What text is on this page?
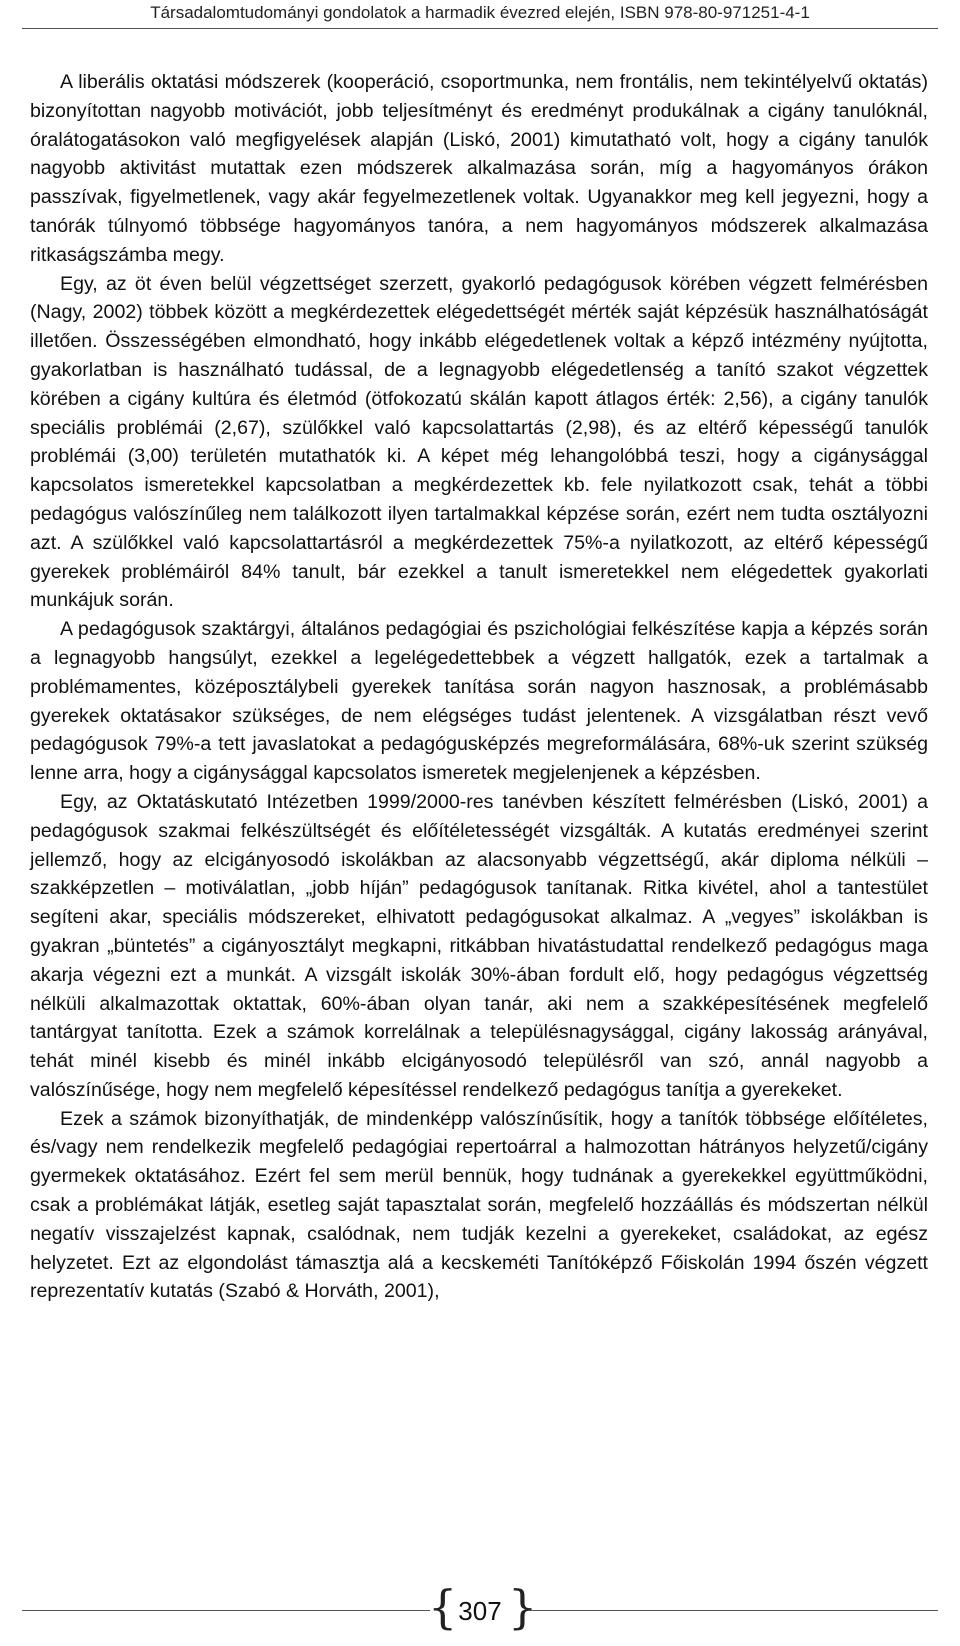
Társadalomtudományi gondolatok a harmadik évezred elején, ISBN 978-80-971251-4-1

A liberális oktatási módszerek (kooperáció, csoportmunka, nem frontális, nem tekintélyelvű oktatás) bizonyítottan nagyobb motivációt, jobb teljesítményt és eredményt produkálnak a cigány tanulóknál, óralátogatásokon való megfigyelések alapján (Liskó, 2001) kimutatható volt, hogy a cigány tanulók nagyobb aktivitást mutattak ezen módszerek alkalmazása során, míg a hagyományos órákon passzívak, figyelmetlenek, vagy akár fegyelmezetlenek voltak. Ugyanakkor meg kell jegyezni, hogy a tanórák túlnyomó többsége hagyományos tanóra, a nem hagyományos módszerek alkalmazása ritkaságszámba megy.

Egy, az öt éven belül végzettséget szerzett, gyakorló pedagógusok körében végzett felmérésben (Nagy, 2002) többek között a megkérdezettek elégedettségét mérték saját képzésük használhatóságát illetően. Összességében elmondható, hogy inkább elégedetlenek voltak a képző intézmény nyújtotta, gyakorlatban is használható tudással, de a legnagyobb elégedetlenség a tanító szakot végzettek körében a cigány kultúra és életmód (ötfokozatú skálán kapott átlagos érték: 2,56), a cigány tanulók speciális problémái (2,67), szülőkkel való kapcsolattartás (2,98), és az eltérő képességű tanulók problémái (3,00) területén mutathatók ki. A képet még lehangolóbbá teszi, hogy a cigánysággal kapcsolatos ismeretekkel kapcsolatban a megkérdezettek kb. fele nyilatkozott csak, tehát a többi pedagógus valószínűleg nem találkozott ilyen tartalmakkal képzése során, ezért nem tudta osztályozni azt. A szülőkkel való kapcsolattartásról a megkérdezettek 75%-a nyilatkozott, az eltérő képességű gyerekek problémáiról 84% tanult, bár ezekkel a tanult ismeretekkel nem elégedettek gyakorlati munkájuk során.

A pedagógusok szaktárgyi, általános pedagógiai és pszichológiai felkészítése kapja a képzés során a legnagyobb hangsúlyt, ezekkel a legelégedettebbek a végzett hallgatók, ezek a tartalmak a problémamentes, középosztálybeli gyerekek tanítása során nagyon hasznosak, a problémásabb gyerekek oktatásakor szükséges, de nem elégséges tudást jelentenek. A vizsgálatban részt vevő pedagógusok 79%-a tett javaslatokat a pedagógusképzés megreformálására, 68%-uk szerint szükség lenne arra, hogy a cigánysággal kapcsolatos ismeretek megjelenjenek a képzésben.

Egy, az Oktatáskutató Intézetben 1999/2000-res tanévben készített felmérésben (Liskó, 2001) a pedagógusok szakmai felkészültségét és előítéletességét vizsgálták. A kutatás eredményei szerint jellemző, hogy az elcigányosodó iskolákban az alacsonyabb végzettségű, akár diploma nélküli – szakképzetlen – motiválatlan, „jobb híján” pedagógusok tanítanak. Ritka kivétel, ahol a tantestület segíteni akar, speciális módszereket, elhivatott pedagógusokat alkalmaz. A „vegyes” iskolákban is gyakran „büntetés” a cigányosztályt megkapni, ritkábban hivatástudattal rendelkező pedagógus maga akarja végezni ezt a munkát. A vizsgált iskolák 30%-ában fordult elő, hogy pedagógus végzettség nélküli alkalmazottak oktattak, 60%-ában olyan tanár, aki nem a szakképesítésének megfelelő tantárgyat tanította. Ezek a számok korrelálnak a településnagysággal, cigány lakosság arányával, tehát minél kisebb és minél inkább elcigányosodó településről van szó, annál nagyobb a valószínűsége, hogy nem megfelelő képesítéssel rendelkező pedagógus tanítja a gyerekeket.

Ezek a számok bizonyíthatják, de mindenképp valószínűsítik, hogy a tanítók többsége előítéletes, és/vagy nem rendelkezik megfelelő pedagógiai repertoárral a halmozottan hátrányos helyzetű/cigány gyermekek oktatásához. Ezért fel sem merül bennük, hogy tudnának a gyerekekkel együttműködni, csak a problémákat látják, esetleg saját tapasztalat során, megfelelő hozzáállás és módszertan nélkül negatív visszajelzést kapnak, csalódnak, nem tudják kezelni a gyerekeket, családokat, az egész helyzetet. Ezt az elgondolást támasztja alá a kecskeméti Tanítóképző Főiskolán 1994 őszén végzett reprezentatív kutatás (Szabó & Horváth, 2001),

{ 307 }
